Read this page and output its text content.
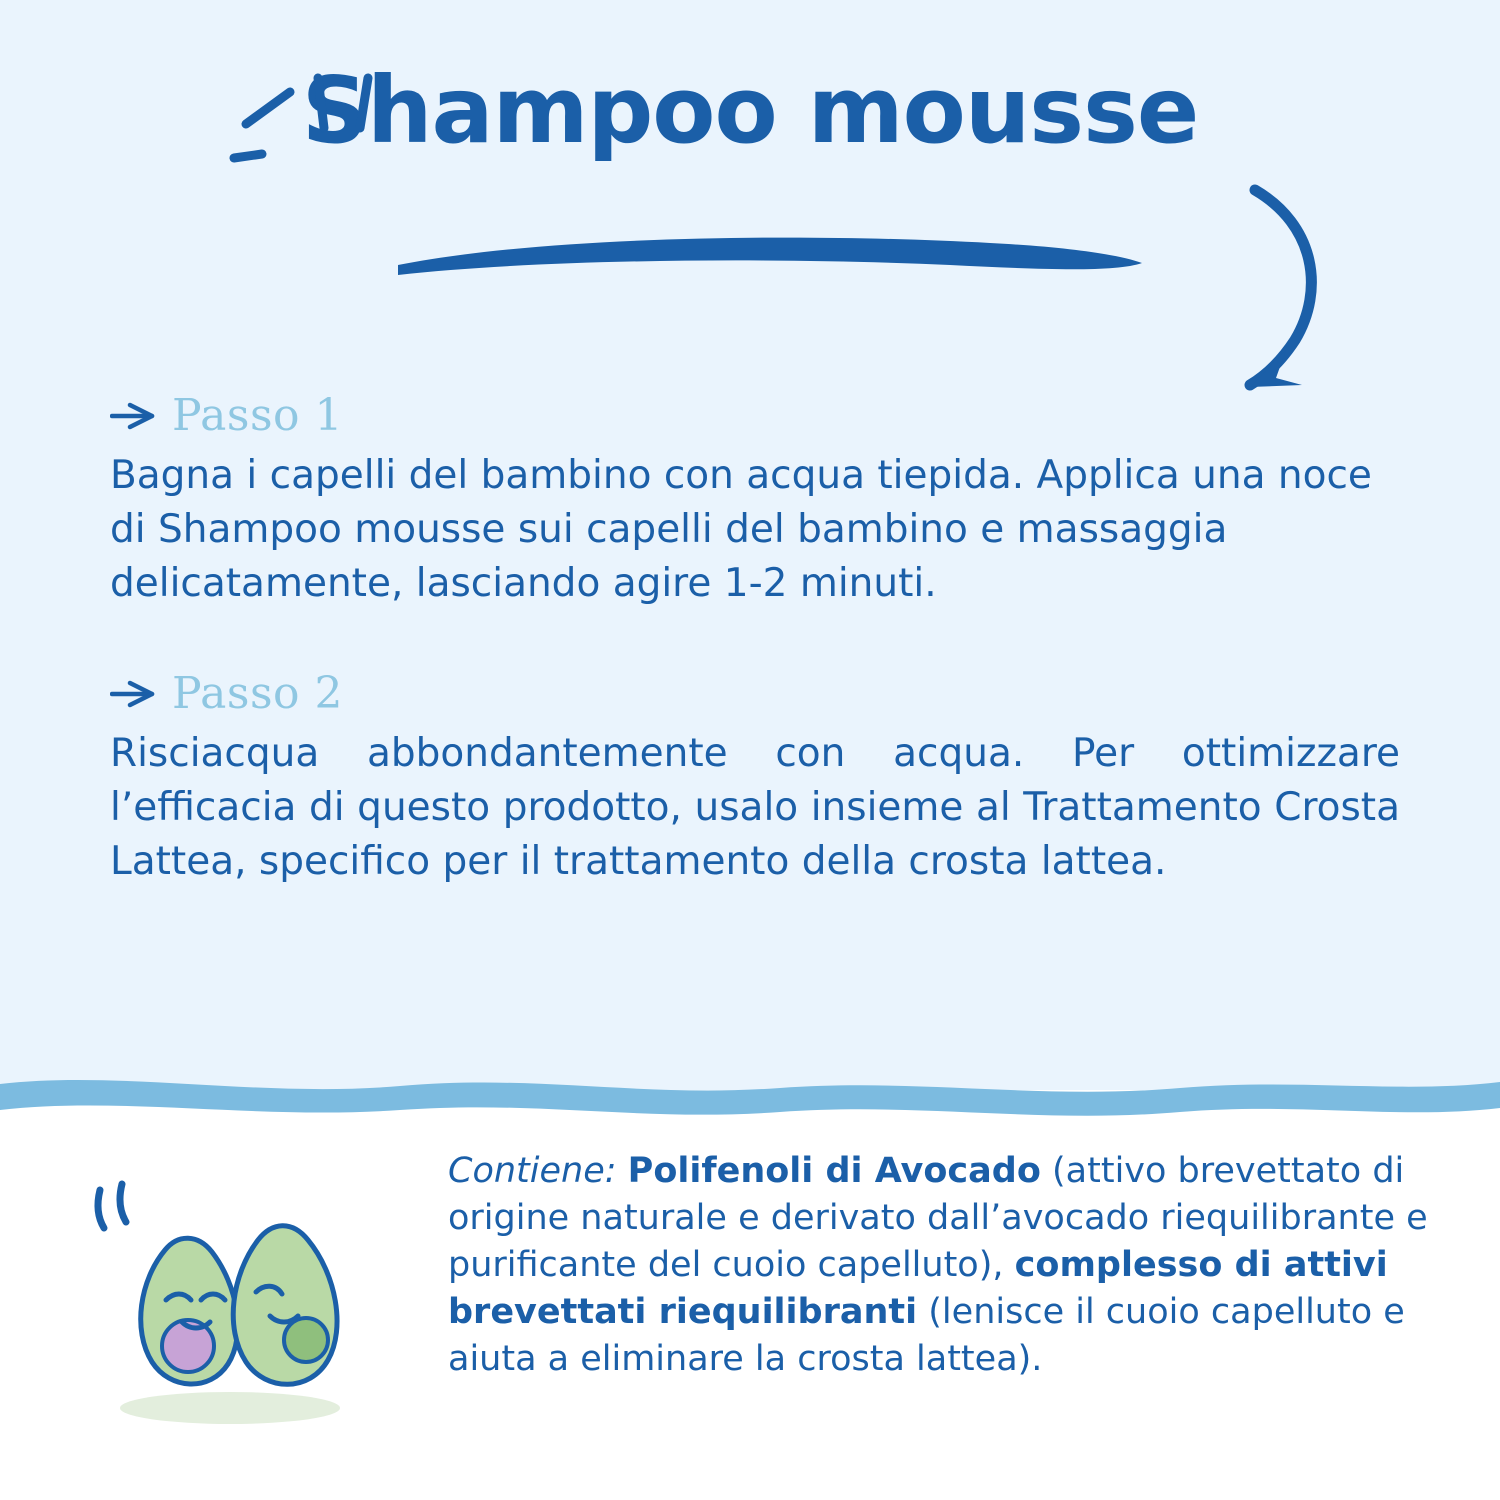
Shampoo mousse
Passo 1
Bagna i capelli del bambino con acqua tiepida. Applica una noce di Shampoo mousse sui capelli del bambino e massaggia delicatamente, lasciando agire 1-2 minuti.
Passo 2
Risciacqua abbondantemente con acqua. Per ottimizzare l’efficacia di questo prodotto, usalo insieme al Trattamento Crosta Lattea, specifico per il trattamento della crosta lattea.
Contiene: Polifenoli di Avocado (attivo brevettato di origine naturale e derivato dall’avocado riequilibrante e purificante del cuoio capelluto), complesso di attivi brevettati riequilibranti (lenisce il cuoio capelluto e aiuta a eliminare la crosta lattea).
